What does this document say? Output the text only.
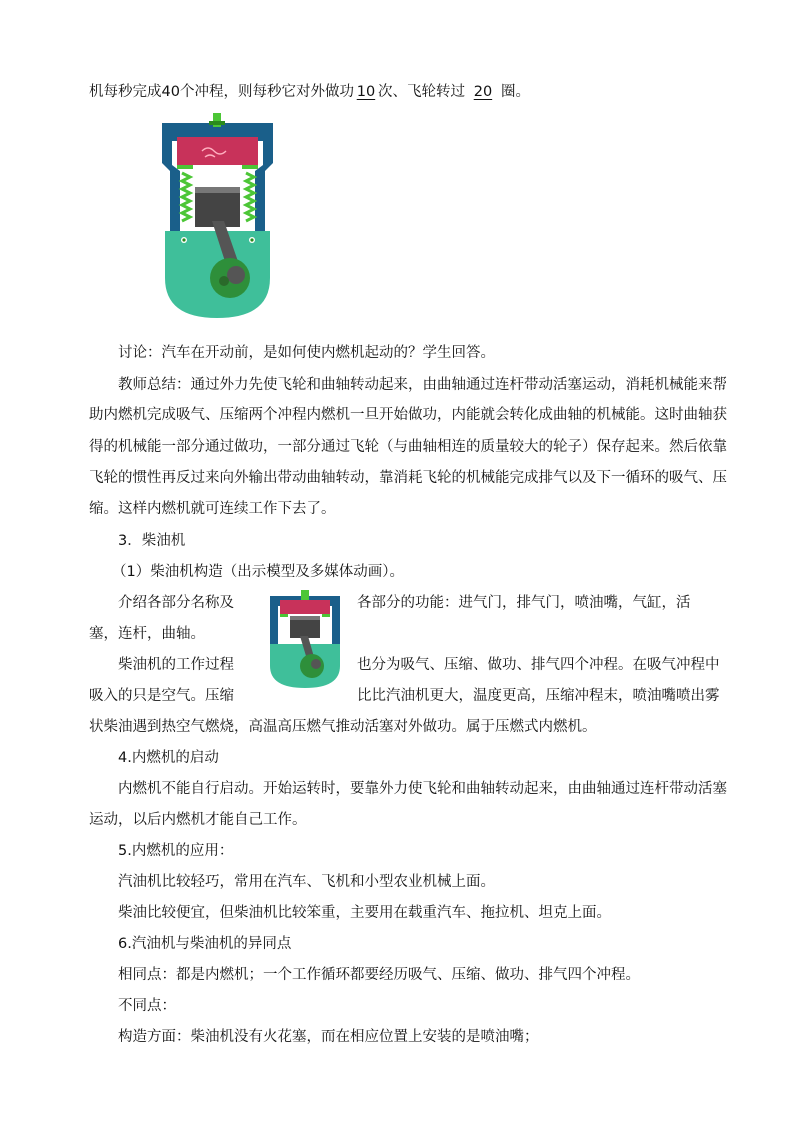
机每秒完成40个冲程，则每秒它对外做功 10 次、飞轮转过 20 圈。
讨论：汽车在开动前，是如何使内燃机起动的？学生回答。
教师总结：通过外力先使飞轮和曲轴转动起来，由曲轴通过连杆带动活塞运动，消耗机械能来帮
助内燃机完成吸气、压缩两个冲程内燃机一旦开始做功，内能就会转化成曲轴的机械能。这时曲轴获
得的机械能一部分通过做功，一部分通过飞轮（与曲轴相连的质量较大的轮子）保存起来。然后依靠
飞轮的惯性再反过来向外输出带动曲轴转动，靠消耗飞轮的机械能完成排气以及下一循环的吸气、压
缩。这样内燃机就可连续工作下去了。
3．柴油机
（1）柴油机构造（出示模型及多媒体动画）。
介绍各部分名称及	各部分的功能：进气门，排气门，喷油嘴，气缸，活
塞，连杆，曲轴。
柴油机的工作过程	也分为吸气、压缩、做功、排气四个冲程。在吸气冲程中
吸入的只是空气。压缩	比比汽油机更大，温度更高，压缩冲程末，喷油嘴喷出雾
状柴油遇到热空气燃烧，高温高压燃气推动活塞对外做功。属于压燃式内燃机。
4.内燃机的启动
内燃机不能自行启动。开始运转时，要靠外力使飞轮和曲轴转动起来，由曲轴通过连杆带动活塞
运动，以后内燃机才能自己工作。
5.内燃机的应用：
汽油机比较轻巧，常用在汽车、飞机和小型农业机械上面。
柴油比较便宜，但柴油机比较笨重，主要用在载重汽车、拖拉机、坦克上面。
6.汽油机与柴油机的异同点
相同点：都是内燃机；一个工作循环都要经历吸气、压缩、做功、排气四个冲程。
不同点：
构造方面：柴油机没有火花塞，而在相应位置上安装的是喷油嘴；
